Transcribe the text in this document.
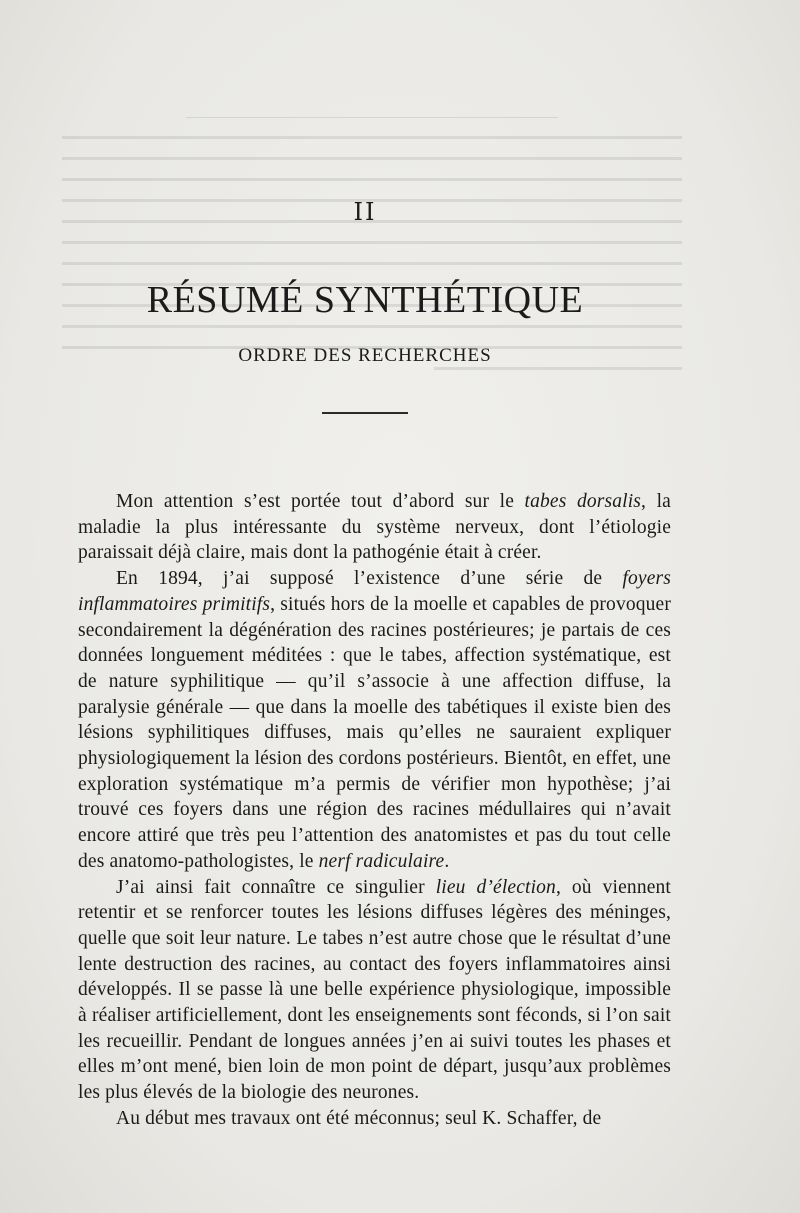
II
RÉSUMÉ SYNTHÉTIQUE
ORDRE DES RECHERCHES

Mon attention s’est portée tout d’abord sur le tabes dorsalis, la maladie la plus intéressante du système nerveux, dont l’étiologie paraissait déjà claire, mais dont la pathogénie était à créer.

En 1894, j’ai supposé l’existence d’une série de foyers inflammatoires primitifs, situés hors de la moelle et capables de provoquer secondairement la dégénération des racines postérieures; je partais de ces données longuement méditées : que le tabes, affection systématique, est de nature syphilitique — qu’il s’associe à une affection diffuse, la paralysie générale — que dans la moelle des tabétiques il existe bien des lésions syphilitiques diffuses, mais qu’elles ne sauraient expliquer physiologiquement la lésion des cordons postérieurs. Bientôt, en effet, une exploration systématique m’a permis de vérifier mon hypothèse; j’ai trouvé ces foyers dans une région des racines médullaires qui n’avait encore attiré que très peu l’attention des anatomistes et pas du tout celle des anatomo-pathologistes, le nerf radiculaire.

J’ai ainsi fait connaître ce singulier lieu d’élection, où viennent retentir et se renforcer toutes les lésions diffuses légères des méninges, quelle que soit leur nature. Le tabes n’est autre chose que le résultat d’une lente destruction des racines, au contact des foyers inflammatoires ainsi développés. Il se passe là une belle expérience physiologique, impossible à réaliser artificiellement, dont les enseignements sont féconds, si l’on sait les recueillir. Pendant de longues années j’en ai suivi toutes les phases et elles m’ont mené, bien loin de mon point de départ, jusqu’aux problèmes les plus élevés de la biologie des neurones.

Au début mes travaux ont été méconnus; seul K. Schaffer, de
